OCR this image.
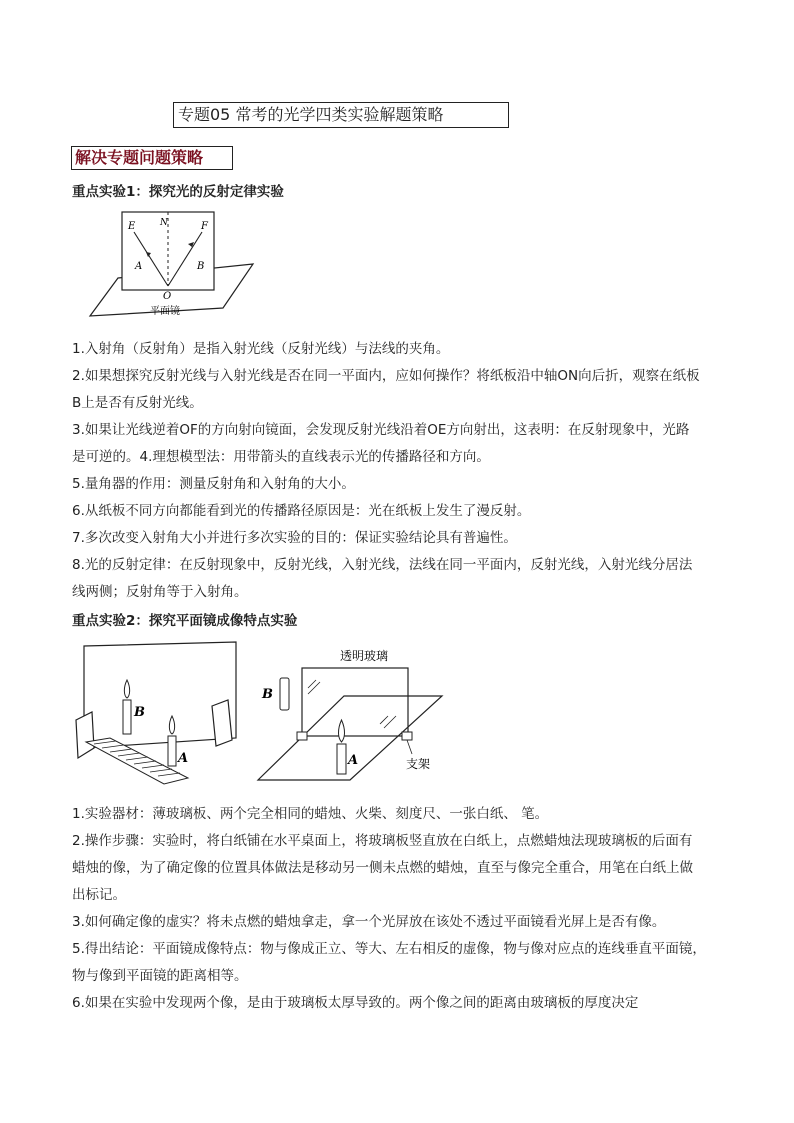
专题05 常考的光学四类实验解题策略
解决专题问题策略
重点实验1：探究光的反射定律实验
E	N	F
A	B
O
平面镜
1.入射角（反射角）是指入射光线（反射光线）与法线的夹角。
2.如果想探究反射光线与入射光线是否在同一平面内，应如何操作？将纸板沿中轴ON向后折，观察在纸板
B上是否有反射光线。
3.如果让光线逆着OF的方向射向镜面，会发现反射光线沿着OE方向射出，这表明：在反射现象中，光路
是可逆的。4.理想模型法：用带箭头的直线表示光的传播路径和方向。
5.量角器的作用：测量反射角和入射角的大小。
6.从纸板不同方向都能看到光的传播路径原因是：光在纸板上发生了漫反射。
7.多次改变入射角大小并进行多次实验的目的：保证实验结论具有普遍性。
8.光的反射定律：在反射现象中，反射光线，入射光线，法线在同一平面内，反射光线，入射光线分居法
线两侧；反射角等于入射角。
重点实验2：探究平面镜成像特点实验
B
A
透明玻璃
B
A	支架
1.实验器材：薄玻璃板、两个完全相同的蜡烛、火柴、刻度尺、一张白纸、 笔。
2.操作步骤：实验时，将白纸铺在水平桌面上，将玻璃板竖直放在白纸上，点燃蜡烛法现玻璃板的后面有
蜡烛的像，为了确定像的位置具体做法是移动另一侧未点燃的蜡烛，直至与像完全重合，用笔在白纸上做
出标记。
3.如何确定像的虚实？将未点燃的蜡烛拿走，拿一个光屏放在该处不透过平面镜看光屏上是否有像。
5.得出结论：平面镜成像特点：物与像成正立、等大、左右相反的虚像，物与像对应点的连线垂直平面镜，
物与像到平面镜的距离相等。
6.如果在实验中发现两个像，是由于玻璃板太厚导致的。两个像之间的距离由玻璃板的厚度决定
